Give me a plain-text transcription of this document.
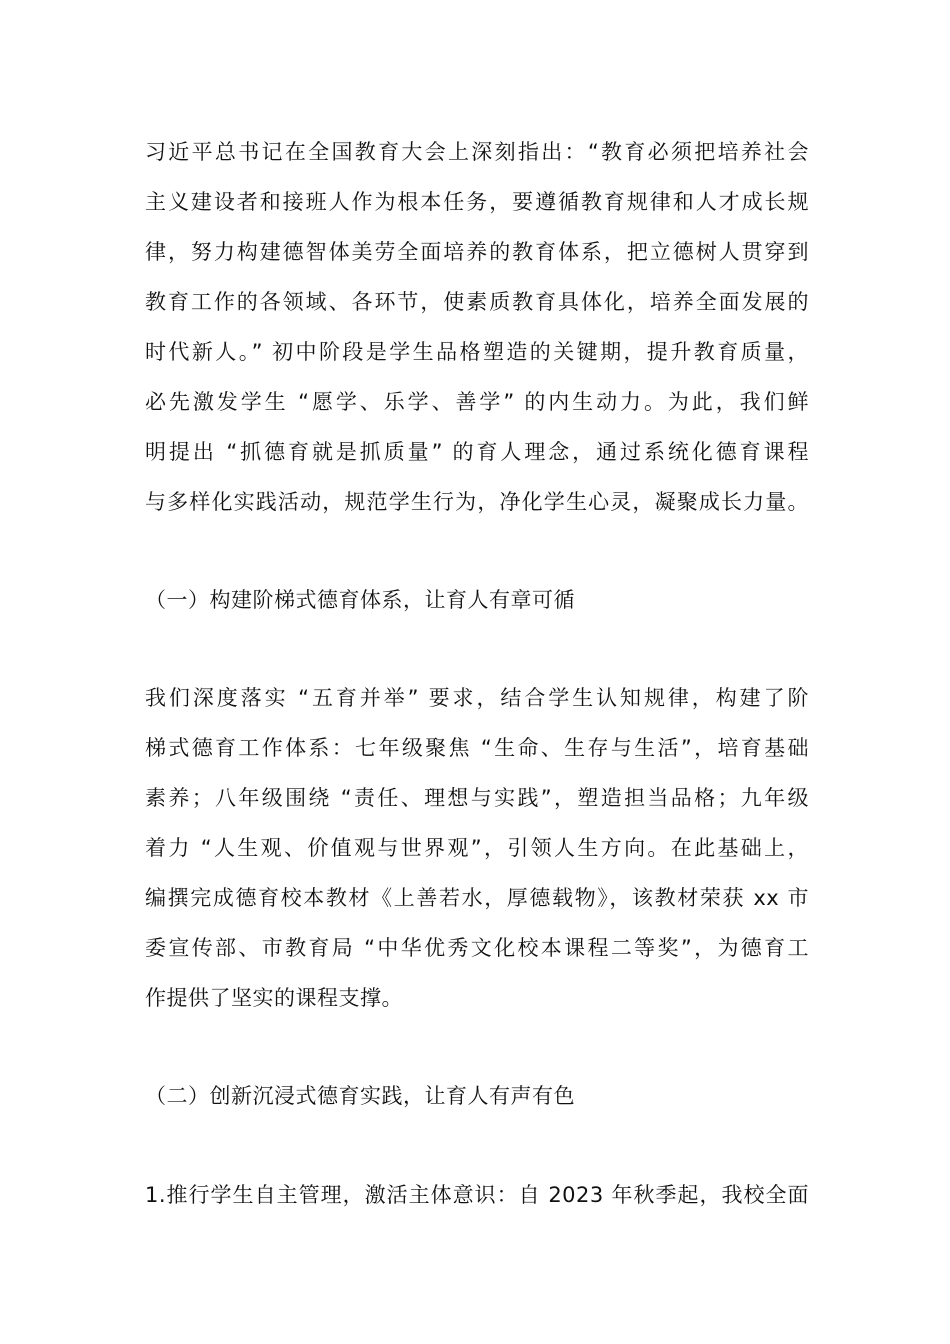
习近平总书记在全国教育大会上深刻指出：“教育必须把培养社会
主义建设者和接班人作为根本任务，要遵循教育规律和人才成长规
律，努力构建德智体美劳全面培养的教育体系，把立德树人贯穿到
教育工作的各领域、各环节，使素质教育具体化，培养全面发展的
时代新人。” 初中阶段是学生品格塑造的关键期，提升教育质量，
必先激发学生 “愿学、乐学、善学” 的内生动力。为此，我们鲜
明提出 “抓德育就是抓质量” 的育人理念，通过系统化德育课程
与多样化实践活动，规范学生行为，净化学生心灵，凝聚成长力量。
（一）构建阶梯式德育体系，让育人有章可循
我们深度落实 “五育并举” 要求，结合学生认知规律，构建了阶
梯式德育工作体系：七年级聚焦 “生命、生存与生活”，培育基础
素养；八年级围绕 “责任、理想与实践”，塑造担当品格；九年级
着力 “人生观、价值观与世界观”，引领人生方向。在此基础上，
编撰完成德育校本教材《上善若水，厚德载物》，该教材荣获 xx 市
委宣传部、市教育局 “中华优秀文化校本课程二等奖”，为德育工
作提供了坚实的课程支撑。
（二）创新沉浸式德育实践，让育人有声有色
1.推行学生自主管理，激活主体意识：自 2023 年秋季起，我校全面
